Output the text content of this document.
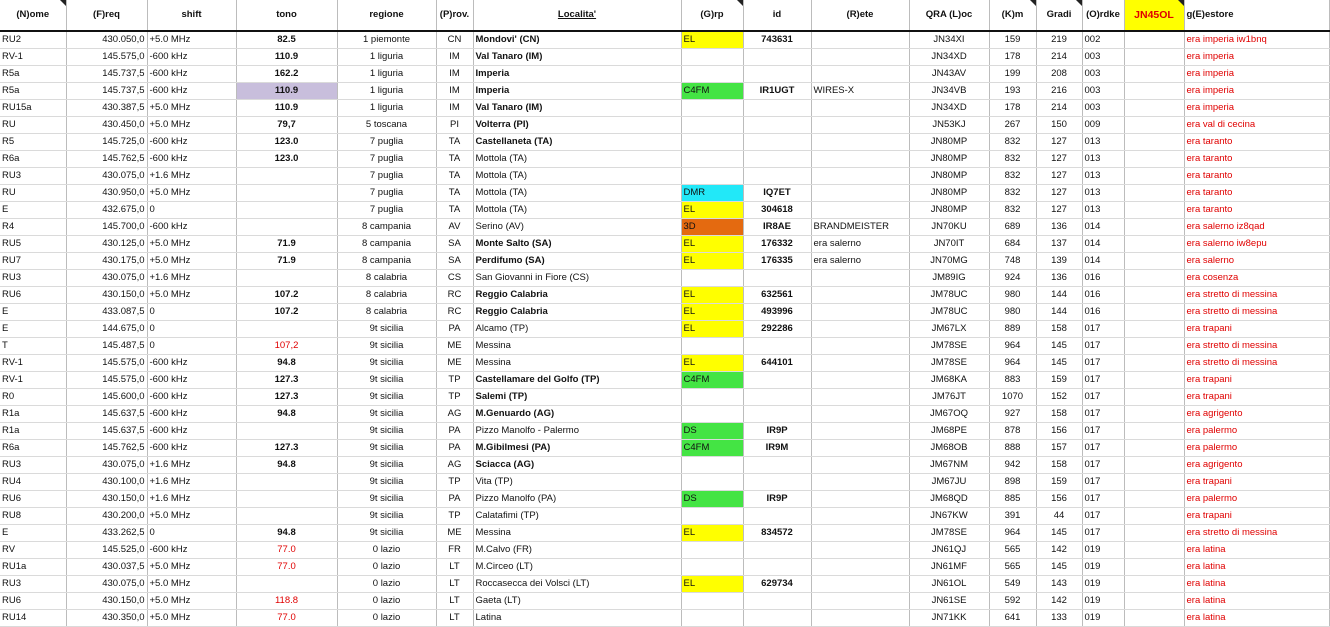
(N)ome	(F)req	shift	tono	regione	(P)rov.	Localita'	(G)rp	id	(R)ete	QRA (L)oc	(K)m	Gradi	(O)rdke	JN45OL	g(E)estore
RU2	430.050,0	+5.0 MHz	82.5	1 piemonte	CN	Mondovi' (CN)	EL	743631		JN34XI	159	219	002		era imperia iw1bnq
RV-1	145.575,0	-600 kHz	110.9	1 liguria	IM	Val Tanaro (IM)				JN34XD	178	214	003		era imperia
R5a	145.737,5	-600 kHz	162.2	1 liguria	IM	Imperia				JN43AV	199	208	003		era imperia
R5a	145.737,5	-600 kHz	110.9	1 liguria	IM	Imperia	C4FM	IR1UGT	WIRES-X	JN34VB	193	216	003		era imperia
RU15a	430.387,5	+5.0 MHz	110.9	1 liguria	IM	Val Tanaro (IM)				JN34XD	178	214	003		era imperia
RU	430.450,0	+5.0 MHz	79,7	5 toscana	PI	Volterra (PI)				JN53KJ	267	150	009		era val di cecina
R5	145.725,0	-600 kHz	123.0	7 puglia	TA	Castellaneta (TA)				JN80MP	832	127	013		era taranto
R6a	145.762,5	-600 kHz	123.0	7 puglia	TA	Mottola (TA)				JN80MP	832	127	013		era taranto
RU3	430.075,0	+1.6 MHz		7 puglia	TA	Mottola (TA)				JN80MP	832	127	013		era taranto
RU	430.950,0	+5.0 MHz		7 puglia	TA	Mottola (TA)	DMR	IQ7ET		JN80MP	832	127	013		era taranto
E	432.675,0	0		7 puglia	TA	Mottola (TA)	EL	304618		JN80MP	832	127	013		era taranto
R4	145.700,0	-600 kHz		8 campania	AV	Serino (AV)	3D	IR8AE	BRANDMEISTER	JN70KU	689	136	014		era salerno iz8qad
RU5	430.125,0	+5.0 MHz	71.9	8 campania	SA	Monte Salto (SA)	EL	176332	era salerno	JN70IT	684	137	014		era salerno iw8epu
RU7	430.175,0	+5.0 MHz	71.9	8 campania	SA	Perdifumo (SA)	EL	176335	era salerno	JN70MG	748	139	014		era salerno
RU3	430.075,0	+1.6 MHz		8 calabria	CS	San Giovanni in Fiore (CS)				JM89IG	924	136	016		era cosenza
RU6	430.150,0	+5.0 MHz	107.2	8 calabria	RC	Reggio Calabria	EL	632561		JM78UC	980	144	016		era stretto di messina
E	433.087,5	0	107.2	8 calabria	RC	Reggio Calabria	EL	493996		JM78UC	980	144	016		era stretto di messina
E	144.675,0	0		9t sicilia	PA	Alcamo (TP)	EL	292286		JM67LX	889	158	017		era trapani
T	145.487,5	0	107,2	9t sicilia	ME	Messina				JM78SE	964	145	017		era stretto di messina
RV-1	145.575,0	-600 kHz	94.8	9t sicilia	ME	Messina	EL	644101		JM78SE	964	145	017		era stretto di messina
RV-1	145.575,0	-600 kHz	127.3	9t sicilia	TP	Castellamare del Golfo (TP)	C4FM			JM68KA	883	159	017		era trapani
R0	145.600,0	-600 kHz	127.3	9t sicilia	TP	Salemi (TP)				JM76JT	1070	152	017		era trapani
R1a	145.637,5	-600 kHz	94.8	9t sicilia	AG	M.Genuardo (AG)				JM67OQ	927	158	017		era agrigento
R1a	145.637,5	-600 kHz		9t sicilia	PA	Pizzo Manolfo - Palermo	DS	IR9P		JM68PE	878	156	017		era palermo
R6a	145.762,5	-600 kHz	127.3	9t sicilia	PA	M.Gibilmesi (PA)	C4FM	IR9M		JM68OB	888	157	017		era palermo
RU3	430.075,0	+1.6 MHz	94.8	9t sicilia	AG	Sciacca (AG)				JM67NM	942	158	017		era agrigento
RU4	430.100,0	+1.6 MHz		9t sicilia	TP	Vita (TP)				JM67JU	898	159	017		era trapani
RU6	430.150,0	+1.6 MHz		9t sicilia	PA	Pizzo Manolfo (PA)	DS	IR9P		JM68QD	885	156	017		era palermo
RU8	430.200,0	+5.0 MHz		9t sicilia	TP	Calatafimi (TP)				JN67KW	391	44	017		era trapani
E	433.262,5	0	94.8	9t sicilia	ME	Messina	EL	834572		JM78SE	964	145	017		era stretto di messina
RV	145.525,0	-600 kHz	77.0	0 lazio	FR	M.Calvo (FR)				JN61QJ	565	142	019		era latina
RU1a	430.037,5	+5.0 MHz	77.0	0 lazio	LT	M.Circeo (LT)				JN61MF	565	145	019		era latina
RU3	430.075,0	+5.0 MHz		0 lazio	LT	Roccasecca dei Volsci (LT)	EL	629734		JN61OL	549	143	019		era latina
RU6	430.150,0	+5.0 MHz	118.8	0 lazio	LT	Gaeta (LT)				JN61SE	592	142	019		era latina
RU14	430.350,0	+5.0 MHz	77.0	0 lazio	LT	Latina				JN71KK	641	133	019		era latina
